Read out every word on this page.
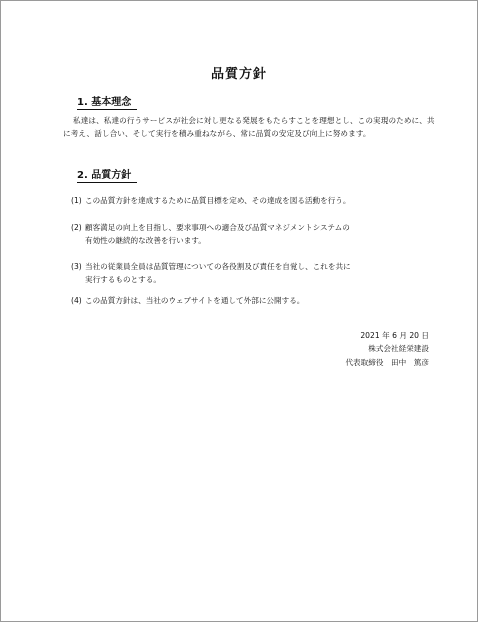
品質方針
1. 基本理念
私達は、私達の行うサービスが社会に対し更なる発展をもたらすことを理想とし、この実現のために、共に考え、話し合い、そして実行を積み重ねながら、常に品質の安定及び向上に努めます。
2. 品質方針
(1) この品質方針を達成するために品質目標を定め、その達成を図る活動を行う。
(2) 顧客満足の向上を目指し、要求事項への適合及び品質マネジメントシステムの
有効性の継続的な改善を行います。
(3) 当社の従業員全員は品質管理についての各役割及び責任を自覚し、これを共に
実行するものとする。
(4) この品質方針は、当社のウェブサイトを通して外部に公開する。
2021 年 6 月 20 日
株式会社経栄建設
代表取締役　田中　篤彦
